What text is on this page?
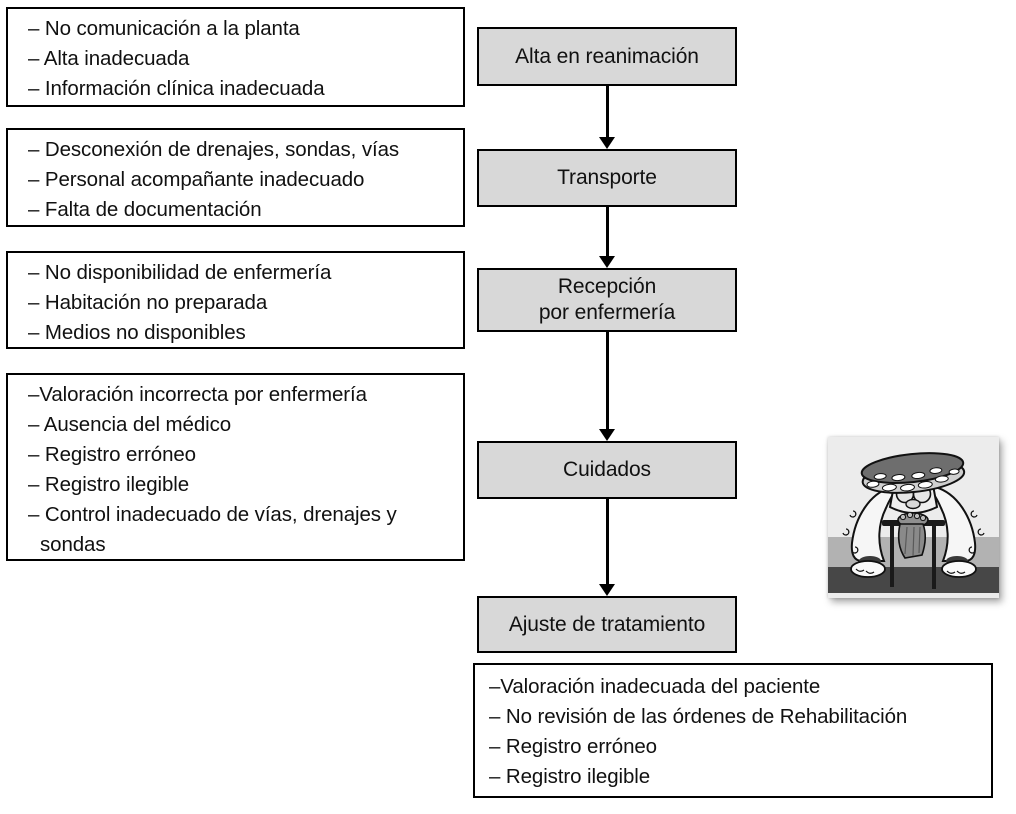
– No comunicación a la planta
– Alta inadecuada
– Información clínica inadecuada
– Desconexión de drenajes, sondas, vías
– Personal acompañante inadecuado
– Falta de documentación
– No disponibilidad de enfermería
– Habitación no preparada
– Medios no disponibles
–Valoración incorrecta por enfermería
– Ausencia del médico
– Registro erróneo
– Registro ilegible
– Control inadecuado de vías, drenajes y sondas
–Valoración inadecuada del paciente
– No revisión de las órdenes de Rehabilitación
– Registro erróneo
– Registro ilegible
Alta en reanimación
Transporte
Recepción
por enfermería
Cuidados
Ajuste de tratamiento
